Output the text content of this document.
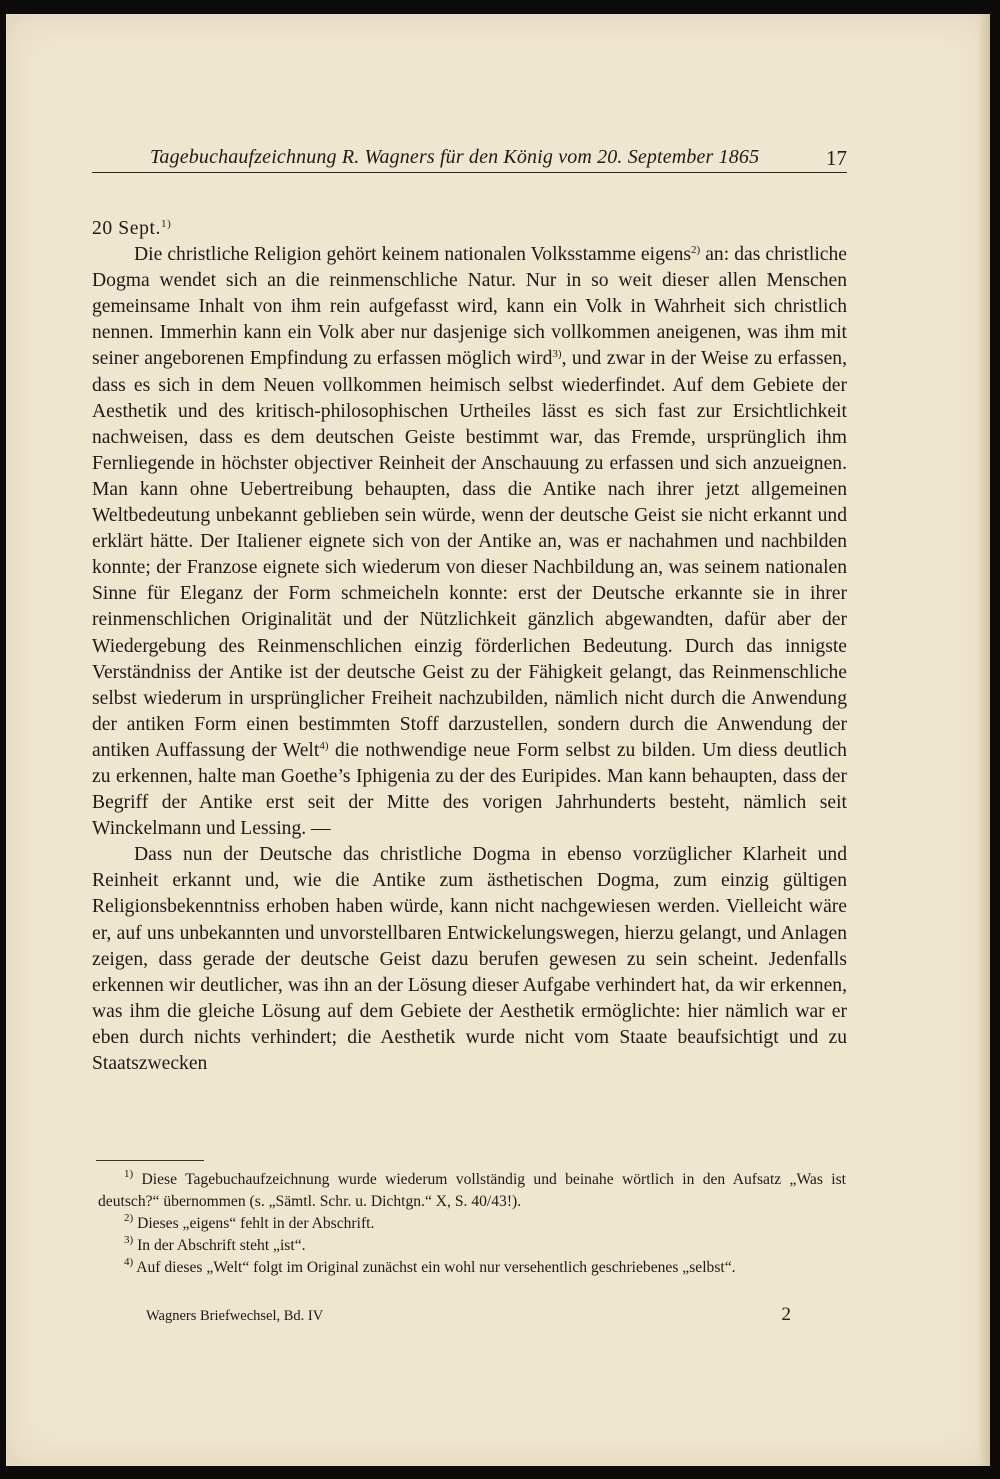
Tagebuchaufzeichnung R. Wagners für den König vom 20. September 1865	17

20 Sept.$^{1)}$

Die christliche Religion gehört keinem nationalen Volksstamme eigens$^{2)}$ an: das christliche Dogma wendet sich an die reinmenschliche Natur. Nur in so weit dieser allen Menschen gemeinsame Inhalt von ihm rein aufgefasst wird, kann ein Volk in Wahrheit sich christlich nennen. Immerhin kann ein Volk aber nur dasjenige sich vollkommen aneigenen, was ihm mit seiner angeborenen Empfindung zu erfassen möglich wird$^{3)}$, und zwar in der Weise zu erfassen, dass es sich in dem Neuen vollkommen heimisch selbst wiederfindet. Auf dem Gebiete der Aesthetik und des kritisch-philosophischen Urtheiles lässt es sich fast zur Ersichtlichkeit nachweisen, dass es dem deutschen Geiste bestimmt war, das Fremde, ursprünglich ihm Fernliegende in höchster objectiver Reinheit der Anschauung zu erfassen und sich anzueignen. Man kann ohne Uebertreibung behaupten, dass die Antike nach ihrer jetzt allgemeinen Weltbedeutung unbekannt geblieben sein würde, wenn der deutsche Geist sie nicht erkannt und erklärt hätte. Der Italiener eignete sich von der Antike an, was er nachahmen und nachbilden konnte; der Franzose eignete sich wiederum von dieser Nachbildung an, was seinem nationalen Sinne für Eleganz der Form schmeicheln konnte: erst der Deutsche erkannte sie in ihrer reinmenschlichen Originalität und der Nützlichkeit gänzlich abgewandten, dafür aber der Wiedergebung des Reinmenschlichen einzig förderlichen Bedeutung. Durch das innigste Verständniss der Antike ist der deutsche Geist zu der Fähigkeit gelangt, das Reinmenschliche selbst wiederum in ursprünglicher Freiheit nachzubilden, nämlich nicht durch die Anwendung der antiken Form einen bestimmten Stoff darzustellen, sondern durch die Anwendung der antiken Auffassung der Welt$^{4)}$ die nothwendige neue Form selbst zu bilden. Um diess deutlich zu erkennen, halte man Goethe’s Iphigenia zu der des Euripides. Man kann behaupten, dass der Begriff der Antike erst seit der Mitte des vorigen Jahrhunderts besteht, nämlich seit Winckelmann und Lessing. —

Dass nun der Deutsche das christliche Dogma in ebenso vorzüglicher Klarheit und Reinheit erkannt und, wie die Antike zum ästhetischen Dogma, zum einzig gültigen Religionsbekenntniss erhoben haben würde, kann nicht nachgewiesen werden. Vielleicht wäre er, auf uns unbekannten und unvorstellbaren Entwickelungswegen, hierzu gelangt, und Anlagen zeigen, dass gerade der deutsche Geist dazu berufen gewesen zu sein scheint. Jedenfalls erkennen wir deutlicher, was ihn an der Lösung dieser Aufgabe verhindert hat, da wir erkennen, was ihm die gleiche Lösung auf dem Gebiete der Aesthetik ermöglichte: hier nämlich war er eben durch nichts verhindert; die Aesthetik wurde nicht vom Staate beaufsichtigt und zu Staatszwecken

$^{1)}$ Diese Tagebuchaufzeichnung wurde wiederum vollständig und beinahe wörtlich in den Aufsatz „Was ist deutsch?“ übernommen (s. „Sämtl. Schr. u. Dichtgn.“ X, S. 40/43!).

$^{2)}$ Dieses „eigens“ fehlt in der Abschrift.

$^{3)}$ In der Abschrift steht „ist“.

$^{4)}$ Auf dieses „Welt“ folgt im Original zunächst ein wohl nur versehentlich geschriebenes „selbst“.

Wagners Briefwechsel, Bd. IV	2
